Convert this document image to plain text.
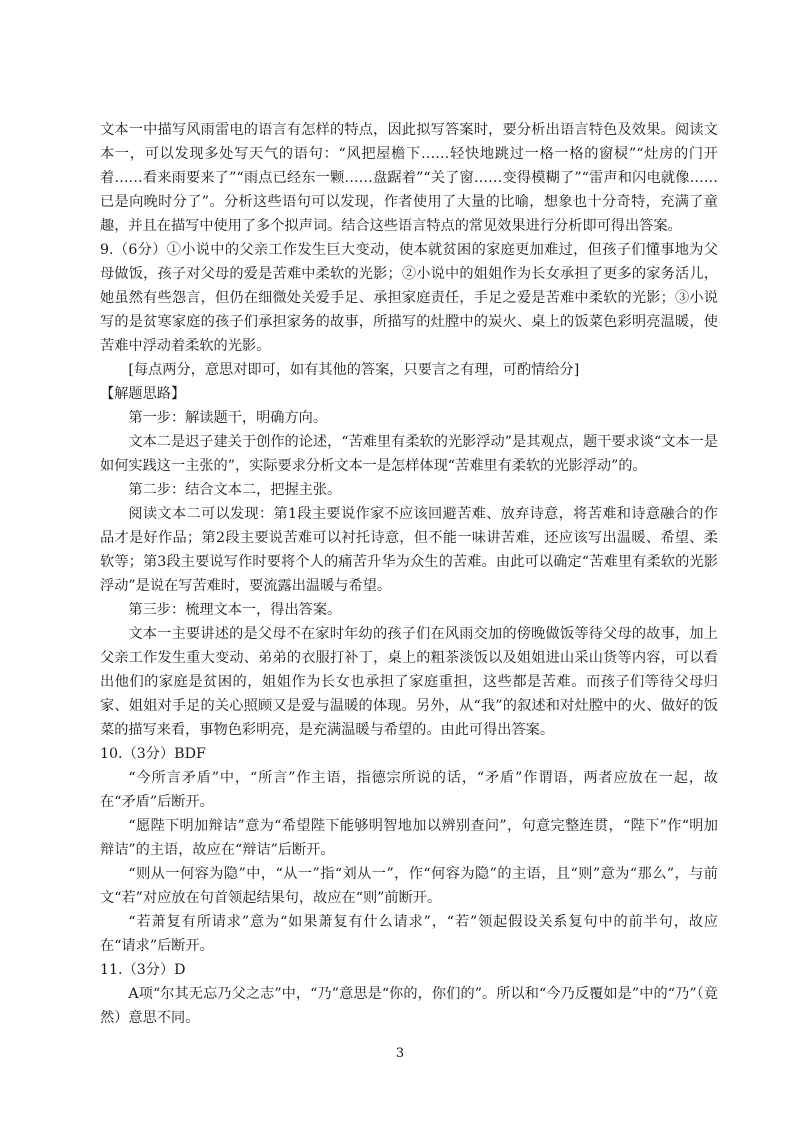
文本一中描写风雨雷电的语言有怎样的特点，因此拟写答案时，要分析出语言特色及效果。阅读文本一，可以发现多处写天气的语句：“风把屋檐下……轻快地跳过一格一格的窗棂”“灶房的门开着……看来雨要来了”“雨点已经东一颗……盘踞着”“关了窗……变得模糊了”“雷声和闪电就像……已是向晚时分了”。分析这些语句可以发现，作者使用了大量的比喻，想象也十分奇特，充满了童趣，并且在描写中使用了多个拟声词。结合这些语言特点的常见效果进行分析即可得出答案。

9.（6分）①小说中的父亲工作发生巨大变动，使本就贫困的家庭更加难过，但孩子们懂事地为父母做饭，孩子对父母的爱是苦难中柔软的光影；②小说中的姐姐作为长女承担了更多的家务活儿，她虽然有些怨言，但仍在细微处关爱手足、承担家庭责任，手足之爱是苦难中柔软的光影；③小说写的是贫寒家庭的孩子们承担家务的故事，所描写的灶膛中的炭火、桌上的饭菜色彩明亮温暖，使苦难中浮动着柔软的光影。

[每点两分，意思对即可，如有其他的答案，只要言之有理，可酌情给分]

【解题思路】

第一步：解读题干，明确方向。

文本二是迟子建关于创作的论述，“苦难里有柔软的光影浮动”是其观点，题干要求谈“文本一是如何实践这一主张的”，实际要求分析文本一是怎样体现“苦难里有柔软的光影浮动”的。

第二步：结合文本二，把握主张。

阅读文本二可以发现：第1段主要说作家不应该回避苦难、放弃诗意，将苦难和诗意融合的作品才是好作品；第2段主要说苦难可以衬托诗意，但不能一味讲苦难，还应该写出温暖、希望、柔软等；第3段主要说写作时要将个人的痛苦升华为众生的苦难。由此可以确定“苦难里有柔软的光影浮动”是说在写苦难时，要流露出温暖与希望。

第三步：梳理文本一，得出答案。

文本一主要讲述的是父母不在家时年幼的孩子们在风雨交加的傍晚做饭等待父母的故事，加上父亲工作发生重大变动、弟弟的衣服打补丁，桌上的粗茶淡饭以及姐姐进山采山货等内容，可以看出他们的家庭是贫困的，姐姐作为长女也承担了家庭重担，这些都是苦难。而孩子们等待父母归家、姐姐对手足的关心照顾又是爱与温暖的体现。另外，从“我”的叙述和对灶膛中的火、做好的饭菜的描写来看，事物色彩明亮，是充满温暖与希望的。由此可得出答案。

10.（3分）BDF

“今所言矛盾”中，“所言”作主语，指德宗所说的话，“矛盾”作谓语，两者应放在一起，故在“矛盾”后断开。

“愿陛下明加辩诘”意为“希望陛下能够明智地加以辨别查问”，句意完整连贯，“陛下”作“明加辩诘”的主语，故应在“辩诘”后断开。

“则从一何容为隐”中，“从一”指“刘从一”，作“何容为隐”的主语，且“则”意为“那么”，与前文“若”对应放在句首领起结果句，故应在“则”前断开。

“若萧复有所请求”意为“如果萧复有什么请求”，“若”领起假设关系复句中的前半句，故应在“请求”后断开。

11.（3分）D

A项“尔其无忘乃父之志”中，“乃”意思是“你的，你们的”。所以和“今乃反覆如是”中的“乃”（竟然）意思不同。

3
